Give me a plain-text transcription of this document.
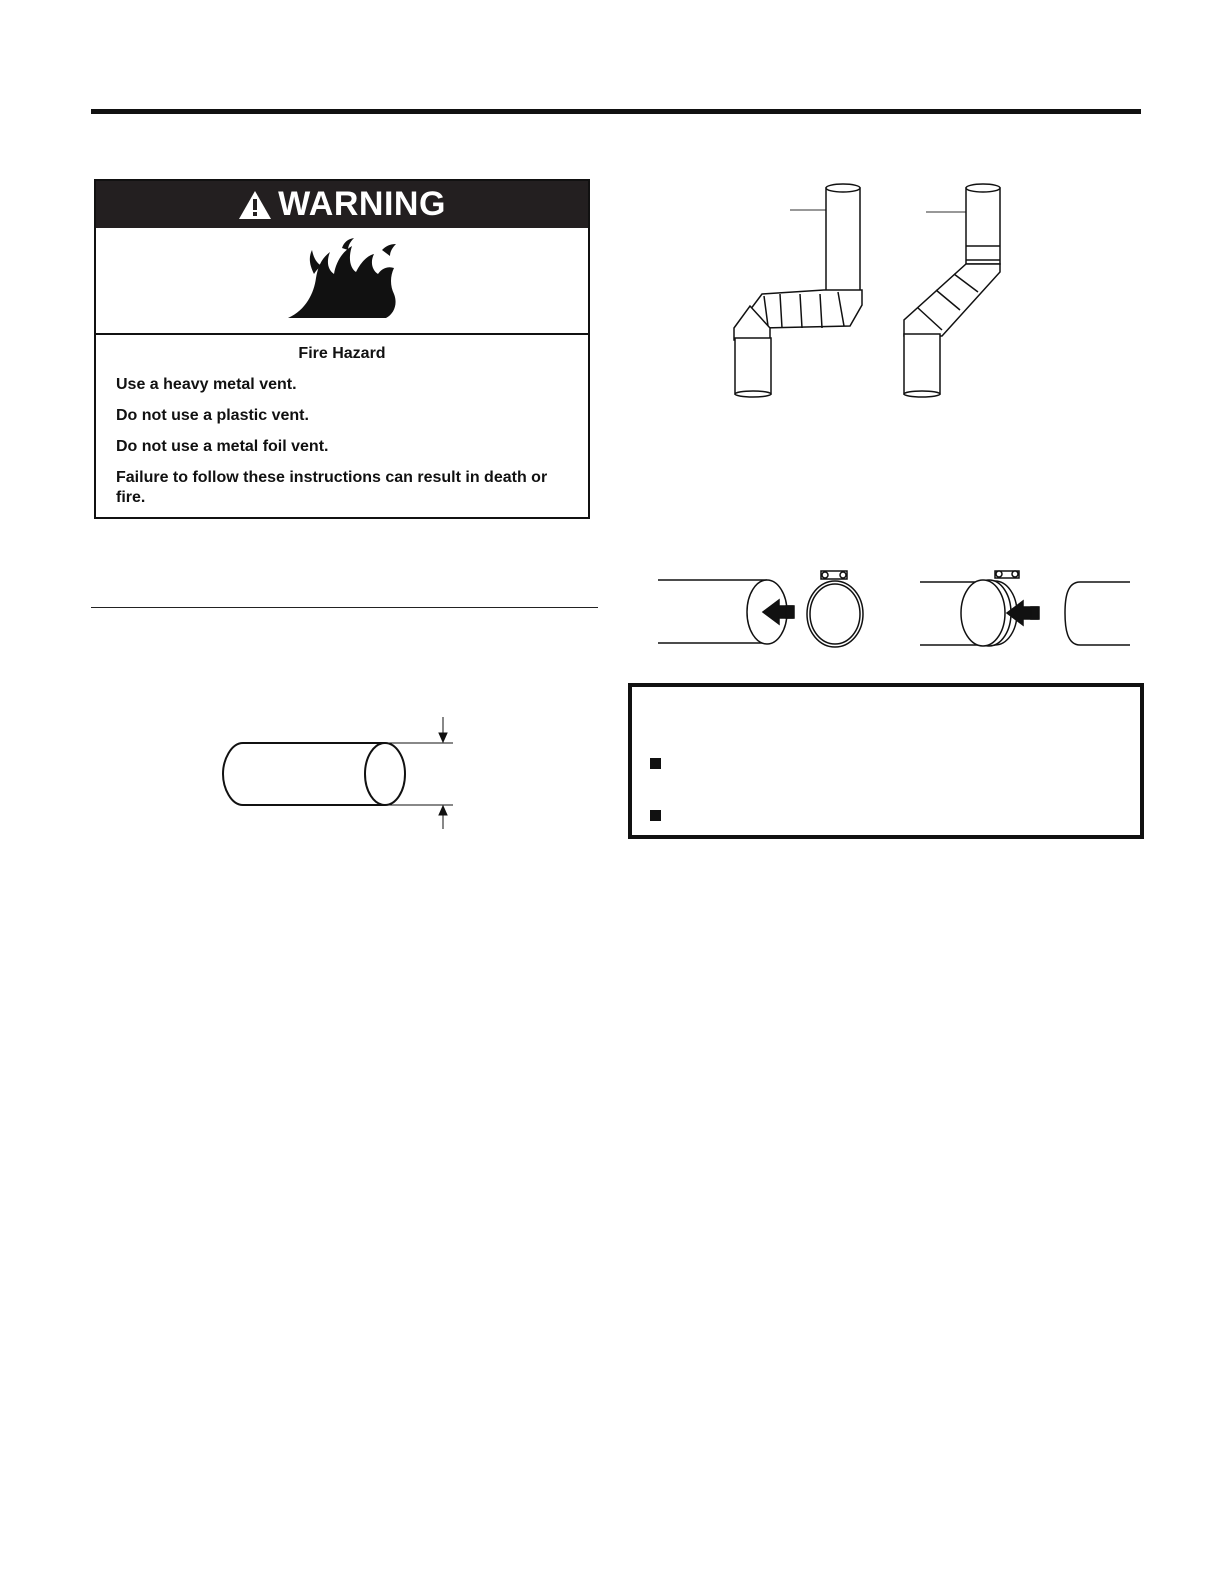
WARNING
Fire Hazard
Use a heavy metal vent.
Do not use a plastic vent.
Do not use a metal foil vent.
Failure to follow these instructions can result in death or fire.
